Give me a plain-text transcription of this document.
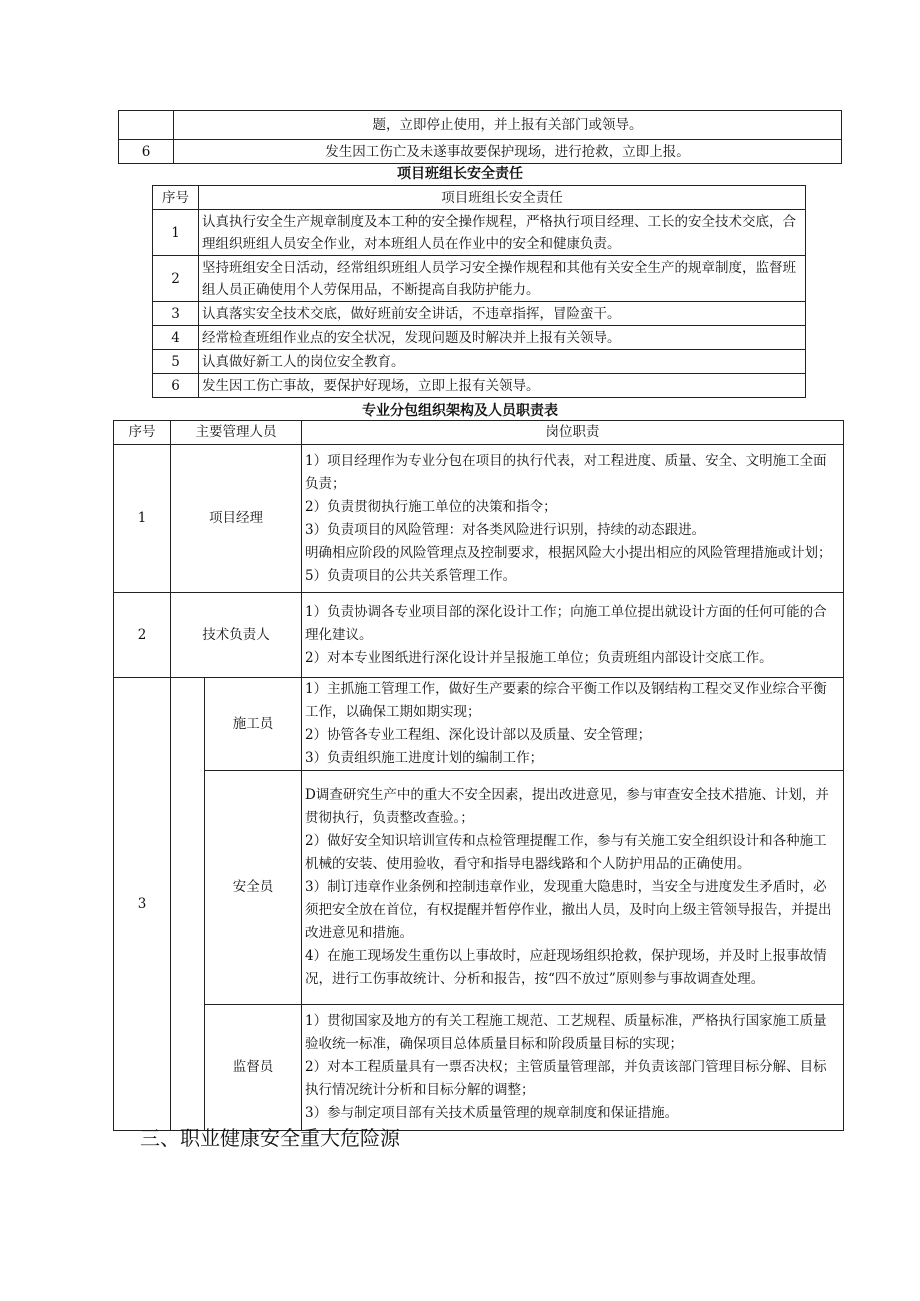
	题，立即停止使用，并上报有关部门或领导。
6	发生因工伤亡及未遂事故要保护现场，进行抢救，立即上报。
项目班组长安全责任
序号	项目班组长安全责任
1	认真执行安全生产规章制度及本工种的安全操作规程，严格执行项目经理、工长的安全技术交底，合理组织班组人员安全作业，对本班组人员在作业中的安全和健康负责。
2	坚持班组安全日活动，经常组织班组人员学习安全操作规程和其他有关安全生产的规章制度，监督班组人员正确使用个人劳保用品，不断提高自我防护能力。
3	认真落实安全技术交底，做好班前安全讲话，不违章指挥，冒险蛮干。
4	经常检查班组作业点的安全状况，发现问题及时解决并上报有关领导。
5	认真做好新工人的岗位安全教育。
6	发生因工伤亡事故，要保护好现场，立即上报有关领导。
专业分包组织架构及人员职责表
序号	主要管理人员		岗位职责
1	项目经理		1）项目经理作为专业分包在项目的执行代表，对工程进度、质量、安全、文明施工全面负责；
2）负责贯彻执行施工单位的决策和指令；
3）负责项目的风险管理：对各类风险进行识别，持续的动态跟进。
明确相应阶段的风险管理点及控制要求，根据风险大小提出相应的风险管理措施或计划；
5）负责项目的公共关系管理工作。

2	技术负责人		1）负责协调各专业项目部的深化设计工作；向施工单位提出就设计方面的任何可能的合理化建议。
2）对本专业图纸进行深化设计并呈报施工单位；负责班组内部设计交底工作。

3		施工员	1）主抓施工管理工作，做好生产要素的综合平衡工作以及钢结构工程交叉作业综合平衡工作，以确保工期如期实现；
2）协管各专业工程组、深化设计部以及质量、安全管理；
3）负责组织施工进度计划的编制工作；

		安全员	D调查研究生产中的重大不安全因素，提出改进意见，参与审查安全技术措施、计划，并贯彻执行，负责整改查验。；
2）做好安全知识培训宣传和点检管理提醒工作，参与有关施工安全组织设计和各种施工机械的安装、使用验收，看守和指导电器线路和个人防护用品的正确使用。
3）制订违章作业条例和控制违章作业，发现重大隐患时，当安全与进度发生矛盾时，必须把安全放在首位，有权提醒并暂停作业，撤出人员，及时向上级主管领导报告，并提出改进意见和措施。
4）在施工现场发生重伤以上事故时，应赶现场组织抢救，保护现场，并及时上报事故情况，进行工伤事故统计、分析和报告，按“四不放过”原则参与事故调查处理。

		监督员	1）贯彻国家及地方的有关工程施工规范、工艺规程、质量标准，严格执行国家施工质量验收统一标准，确保项目总体质量目标和阶段质量目标的实现；
2）对本工程质量具有一票否决权；主管质量管理部，并负责该部门管理目标分解、目标执行情况统计分析和目标分解的调整；
3）参与制定项目部有关技术质量管理的规章制度和保证措施。
三、职业健康安全重大危险源
